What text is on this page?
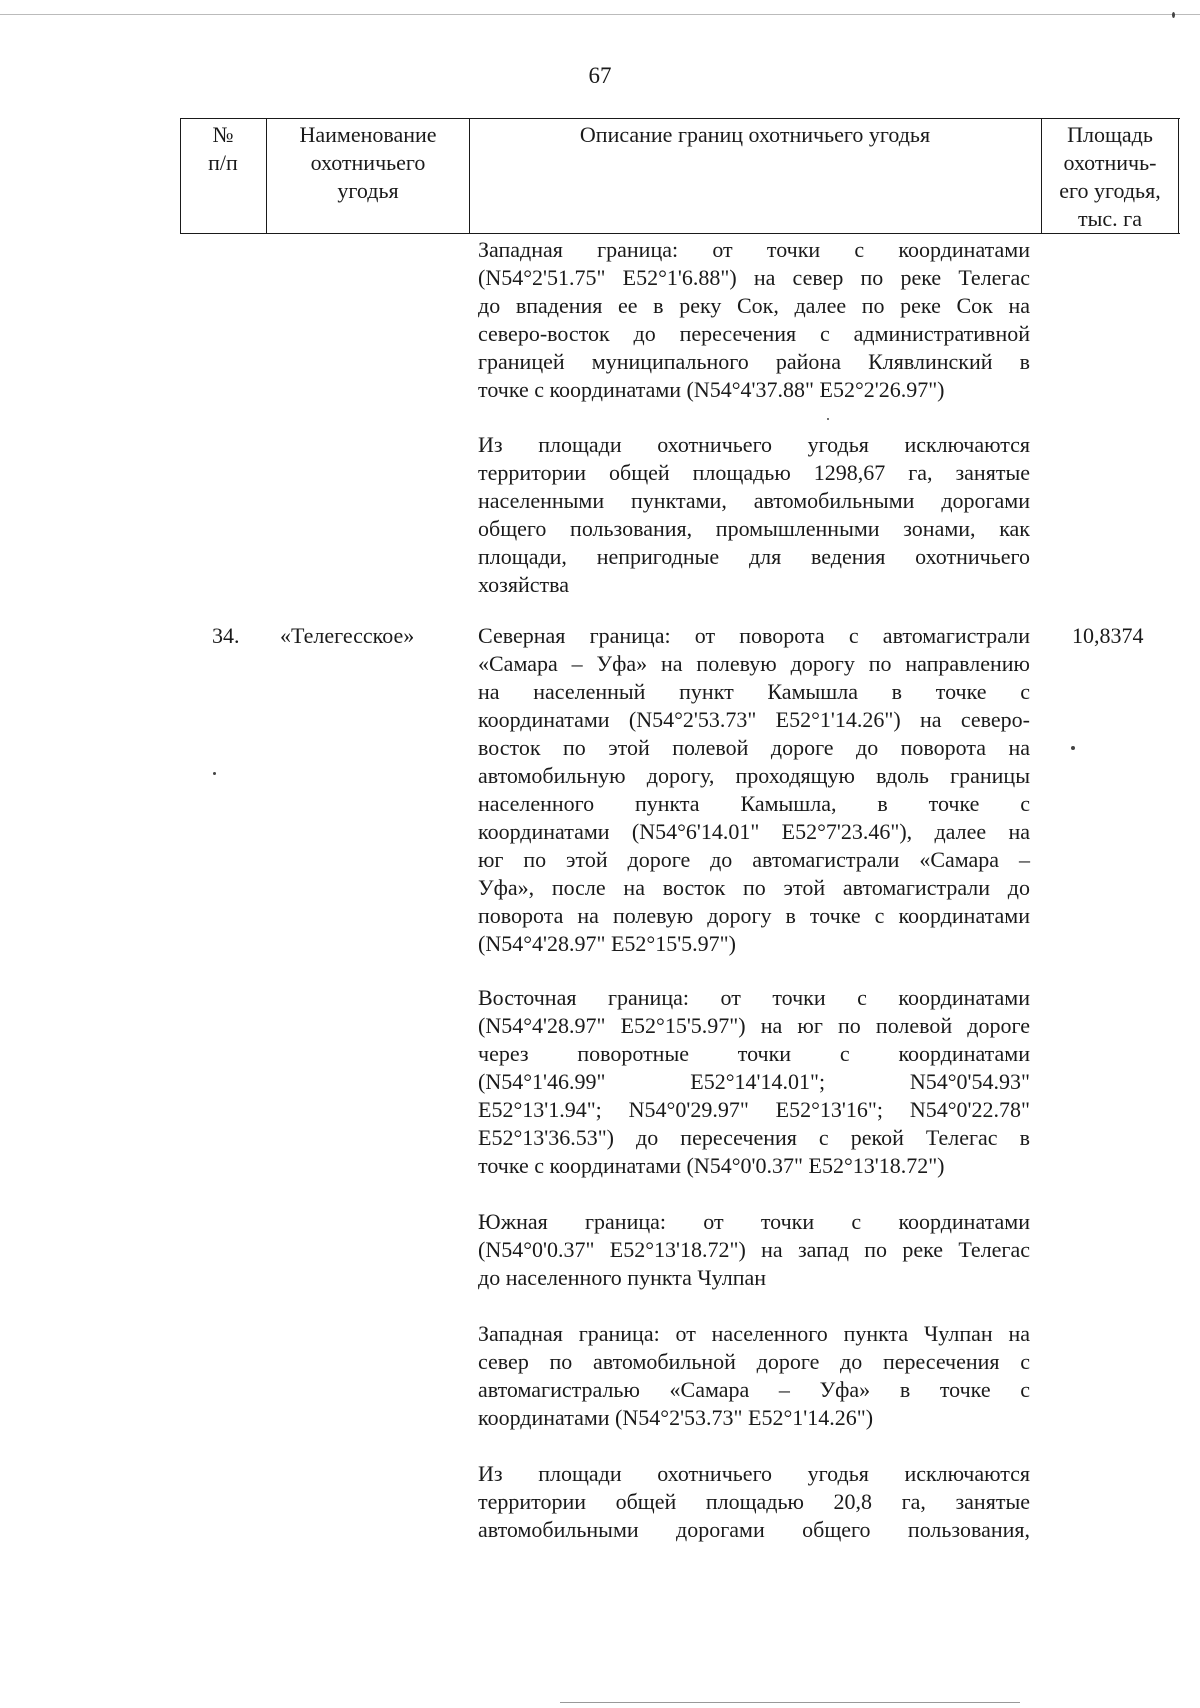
67
№
п/п
Наименование
охотничьего
угодья
Описание границ охотничьего угодья	Площадь
охотничь-
его угодья,
тыс. га
Западная граница: от точки с координатами
(N54°2'51.75" E52°1'6.88") на север по реке Телегас
до впадения ее в реку Сок, далее по реке Сок на
северо-восток до пересечения с административной
границей муниципального района Клявлинский в
точке с координатами (N54°4'37.88" E52°2'26.97")
Из площади охотничьего угодья исключаются
территории общей площадью 1298,67 га, занятые
населенными пунктами, автомобильными дорогами
общего пользования, промышленными зонами, как
площади, непригодные для ведения охотничьего
хозяйства
34. «Телегесское»	10,8374
Северная граница: от поворота с автомагистрали
«Самара – Уфа» на полевую дорогу по направлению
на населенный пункт Камышла в точке с
координатами (N54°2'53.73" E52°1'14.26") на северо-
восток по этой полевой дороге до поворота на
автомобильную дорогу, проходящую вдоль границы
населенного пункта Камышла, в точке с
координатами (N54°6'14.01" E52°7'23.46"), далее на
юг по этой дороге до автомагистрали «Самара –
Уфа», после на восток по этой автомагистрали до
поворота на полевую дорогу в точке с координатами
(N54°4'28.97" E52°15'5.97")
Восточная граница: от точки с координатами
(N54°4'28.97" E52°15'5.97") на юг по полевой дороге
через поворотные точки с координатами
(N54°1'46.99" E52°14'14.01"; N54°0'54.93"
E52°13'1.94"; N54°0'29.97" E52°13'16"; N54°0'22.78"
E52°13'36.53") до пересечения с рекой Телегас в
точке с координатами (N54°0'0.37" E52°13'18.72")
Южная граница: от точки с координатами
(N54°0'0.37" E52°13'18.72") на запад по реке Телегас
до населенного пункта Чулпан
Западная граница: от населенного пункта Чулпан на
север по автомобильной дороге до пересечения с
автомагистралью «Самара – Уфа» в точке с
координатами (N54°2'53.73" E52°1'14.26")
Из площади охотничьего угодья исключаются
территории общей площадью 20,8 га, занятые
автомобильными дорогами общего пользования,
